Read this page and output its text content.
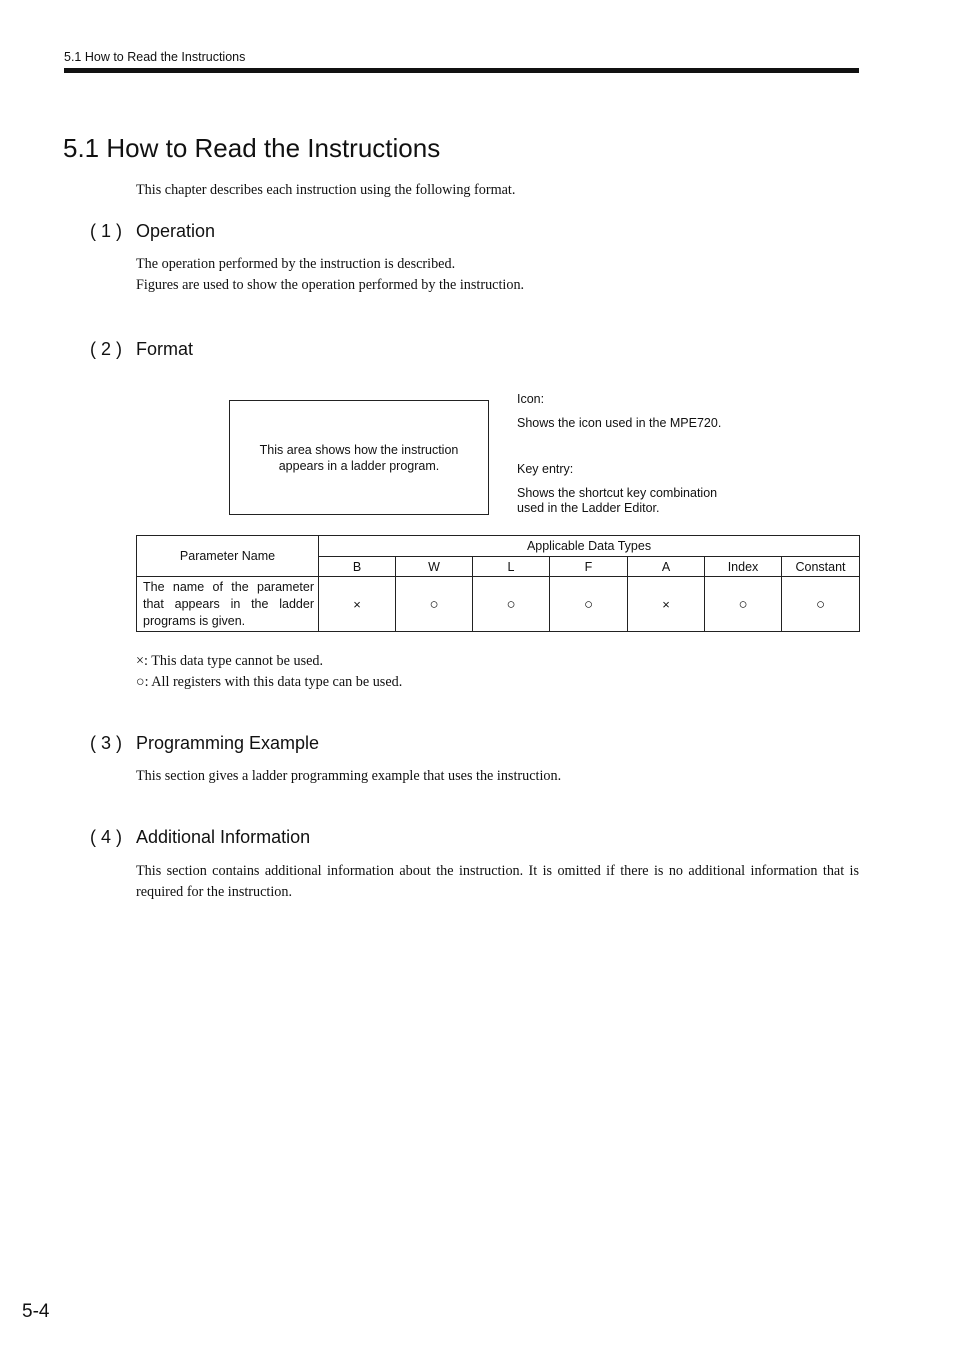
5.1 How to Read the Instructions
5.1 How to Read the Instructions
This chapter describes each instruction using the following format.
( 1 ) Operation
The operation performed by the instruction is described.
Figures are used to show the operation performed by the instruction.
( 2 ) Format
This area shows how the instruction appears in a ladder program.
Icon:
Shows the icon used in the MPE720.
Key entry:
Shows the shortcut key combination
used in the Ladder Editor.
Parameter Name	Applicable Data Types						
	B	W	L	F	A	Index	Constant
The name of the parameter that appears in the ladder programs is given.	×	○	○	○	×	○	○
×: This data type cannot be used.
○: All registers with this data type can be used.
( 3 ) Programming Example
This section gives a ladder programming example that uses the instruction.
( 4 ) Additional Information
This section contains additional information about the instruction. It is omitted if there is no additional information that is required for the instruction.
5-4
